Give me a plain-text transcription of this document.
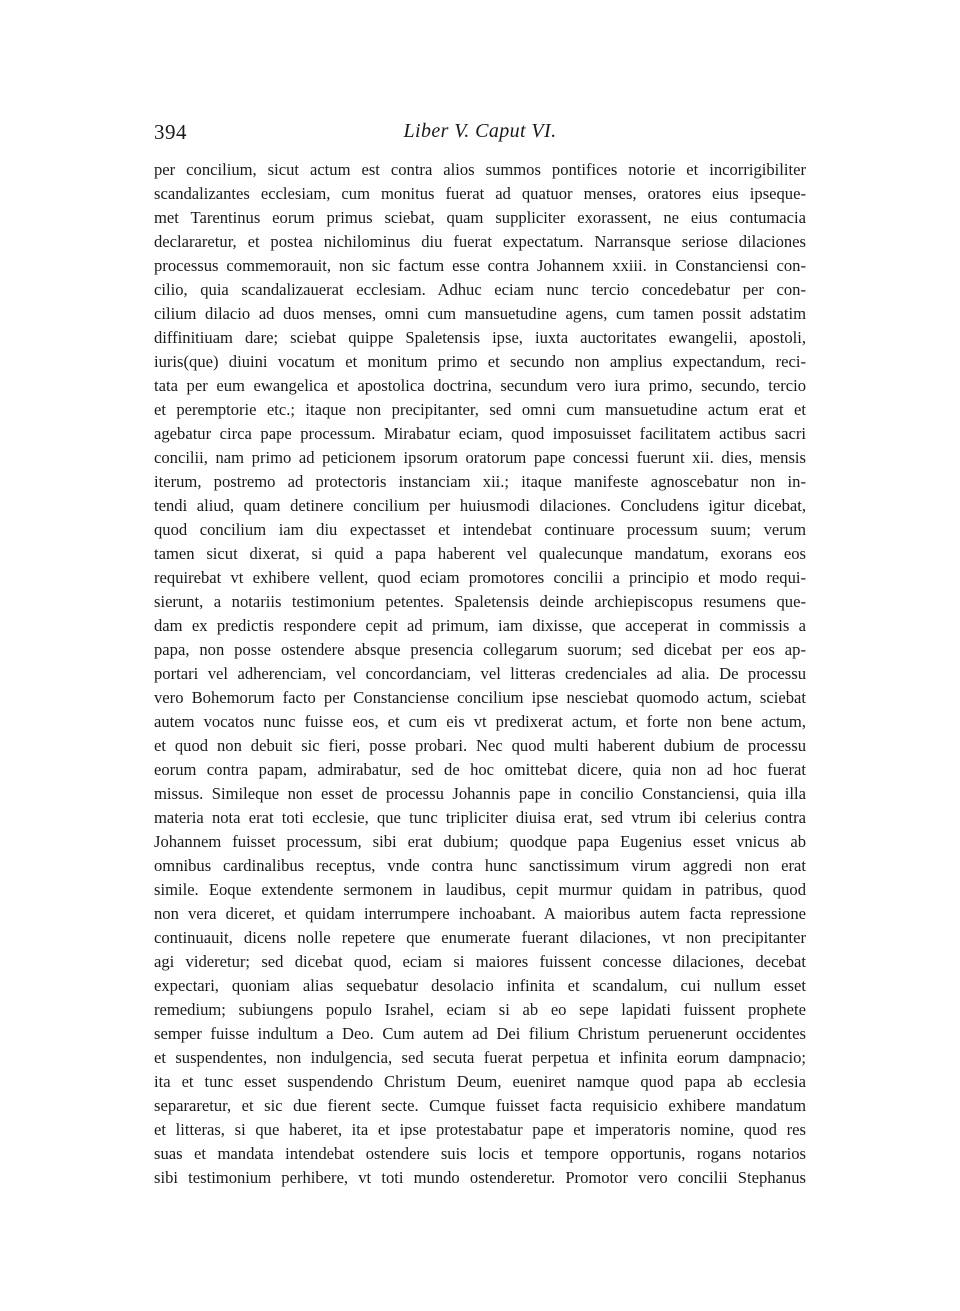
394	Liber V. Caput VI.
per concilium, sicut actum est contra alios summos pontifices notorie et incorrigibiliter
scandalizantes ecclesiam, cum monitus fuerat ad quatuor menses, oratores eius ipseque-
met Tarentinus eorum primus sciebat, quam suppliciter exorassent, ne eius contumacia
declararetur, et postea nichilominus diu fuerat expectatum. Narransque seriose dilaciones
processus commemorauit, non sic factum esse contra Johannem xxiii. in Constanciensi con-
cilio, quia scandalizauerat ecclesiam. Adhuc eciam nunc tercio concedebatur per con-
cilium dilacio ad duos menses, omni cum mansuetudine agens, cum tamen possit adstatim
diffinitiuam dare; sciebat quippe Spaletensis ipse, iuxta auctoritates ewangelii, apostoli,
iuris(que) diuini vocatum et monitum primo et secundo non amplius expectandum, reci-
tata per eum ewangelica et apostolica doctrina, secundum vero iura primo, secundo, tercio
et peremptorie etc.; itaque non precipitanter, sed omni cum mansuetudine actum erat et
agebatur circa pape processum. Mirabatur eciam, quod imposuisset facilitatem actibus sacri
concilii, nam primo ad peticionem ipsorum oratorum pape concessi fuerunt xii. dies, mensis
iterum, postremo ad protectoris instanciam xii.; itaque manifeste agnoscebatur non in-
tendi aliud, quam detinere concilium per huiusmodi dilaciones. Concludens igitur dicebat,
quod concilium iam diu expectasset et intendebat continuare processum suum; verum
tamen sicut dixerat, si quid a papa haberent vel qualecunque mandatum, exorans eos
requirebat vt exhibere vellent, quod eciam promotores concilii a principio et modo requi-
sierunt, a notariis testimonium petentes. Spaletensis deinde archiepiscopus resumens que-
dam ex predictis respondere cepit ad primum, iam dixisse, que acceperat in commissis a
papa, non posse ostendere absque presencia collegarum suorum; sed dicebat per eos ap-
portari vel adherenciam, vel concordanciam, vel litteras credenciales ad alia. De processu
vero Bohemorum facto per Constanciense concilium ipse nesciebat quomodo actum, sciebat
autem vocatos nunc fuisse eos, et cum eis vt predixerat actum, et forte non bene actum,
et quod non debuit sic fieri, posse probari. Nec quod multi haberent dubium de processu
eorum contra papam, admirabatur, sed de hoc omittebat dicere, quia non ad hoc fuerat
missus. Simileque non esset de processu Johannis pape in concilio Constanciensi, quia illa
materia nota erat toti ecclesie, que tunc tripliciter diuisa erat, sed vtrum ibi celerius contra
Johannem fuisset processum, sibi erat dubium; quodque papa Eugenius esset vnicus ab
omnibus cardinalibus receptus, vnde contra hunc sanctissimum virum aggredi non erat
simile. Eoque extendente sermonem in laudibus, cepit murmur quidam in patribus, quod
non vera diceret, et quidam interrumpere inchoabant. A maioribus autem facta repressione
continuauit, dicens nolle repetere que enumerate fuerant dilaciones, vt non precipitanter
agi videretur; sed dicebat quod, eciam si maiores fuissent concesse dilaciones, decebat
expectari, quoniam alias sequebatur desolacio infinita et scandalum, cui nullum esset
remedium; subiungens populo Israhel, eciam si ab eo sepe lapidati fuissent prophete
semper fuisse indultum a Deo. Cum autem ad Dei filium Christum peruenerunt occidentes
et suspendentes, non indulgencia, sed secuta fuerat perpetua et infinita eorum dampnacio;
ita et tunc esset suspendendo Christum Deum, eueniret namque quod papa ab ecclesia
separaretur, et sic due fierent secte. Cumque fuisset facta requisicio exhibere mandatum
et litteras, si que haberet, ita et ipse protestabatur pape et imperatoris nomine, quod res
suas et mandata intendebat ostendere suis locis et tempore opportunis, rogans notarios
sibi testimonium perhibere, vt toti mundo ostenderetur. Promotor vero concilii Stephanus
